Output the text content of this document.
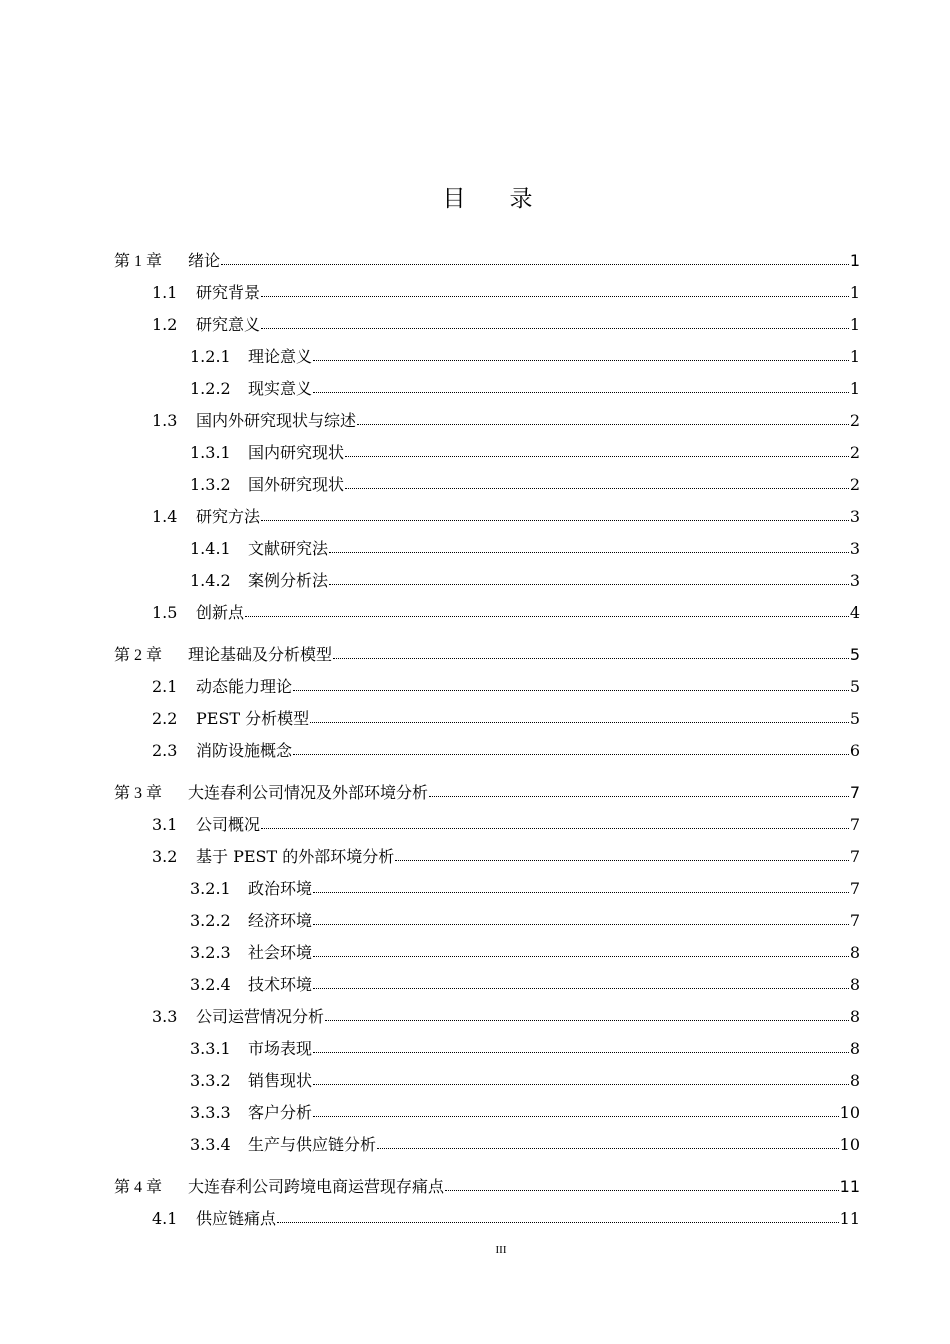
目 录
第 1 章	绪论	1
1.1	研究背景	1
1.2	研究意义	1
1.2.1	理论意义	1
1.2.2	现实意义	1
1.3	国内外研究现状与综述	2
1.3.1	国内研究现状	2
1.3.2	国外研究现状	2
1.4	研究方法	3
1.4.1	文献研究法	3
1.4.2	案例分析法	3
1.5	创新点	4
第 2 章	理论基础及分析模型	5
2.1	动态能力理论	5
2.2	PEST 分析模型	5
2.3	消防设施概念	6
第 3 章	大连春利公司情况及外部环境分析	7
3.1	公司概况	7
3.2	基于 PEST 的外部环境分析	7
3.2.1	政治环境	7
3.2.2	经济环境	7
3.2.3	社会环境	8
3.2.4	技术环境	8
3.3	公司运营情况分析	8
3.3.1	市场表现	8
3.3.2	销售现状	8
3.3.3	客户分析	10
3.3.4	生产与供应链分析	10
第 4 章	大连春利公司跨境电商运营现存痛点	11
4.1	供应链痛点	11
III
